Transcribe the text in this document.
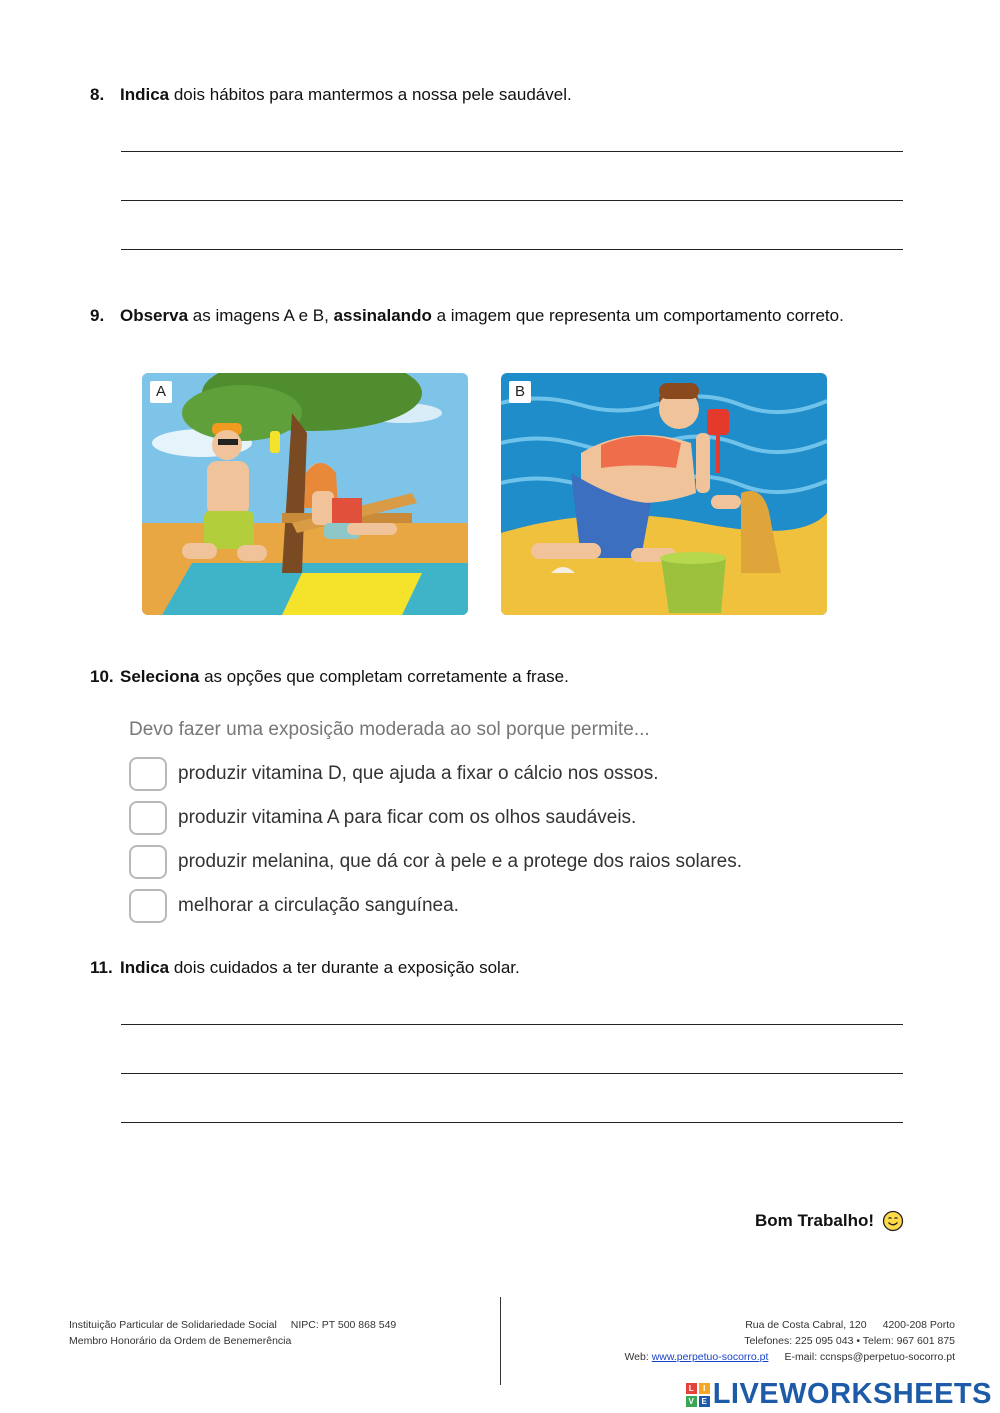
8. Indica dois hábitos para mantermos a nossa pele saudável.
9. Observa as imagens A e B, assinalando a imagem que representa um comportamento correto.
A	B
10. Seleciona as opções que completam corretamente a frase.
Devo fazer uma exposição moderada ao sol porque permite...
produzir vitamina D, que ajuda a fixar o cálcio nos ossos.
produzir vitamina A para ficar com os olhos saudáveis.
produzir melanina, que dá cor à pele e a protege dos raios solares.
melhorar a circulação sanguínea.
11. Indica dois cuidados a ter durante a exposição solar.
Bom Trabalho!
Instituição Particular de Solidariedade Social NIPC: PT 500 868 549
Membro Honorário da Ordem de Benemerência
Rua de Costa Cabral, 120 4200-208 Porto
Telefones: 225 095 043 • Telem: 967 601 875
Web: www.perpetuo-socorro.pt E-mail: ccnsps@perpetuo-socorro.pt
L	I
V E LIVEWORKSHEETS
